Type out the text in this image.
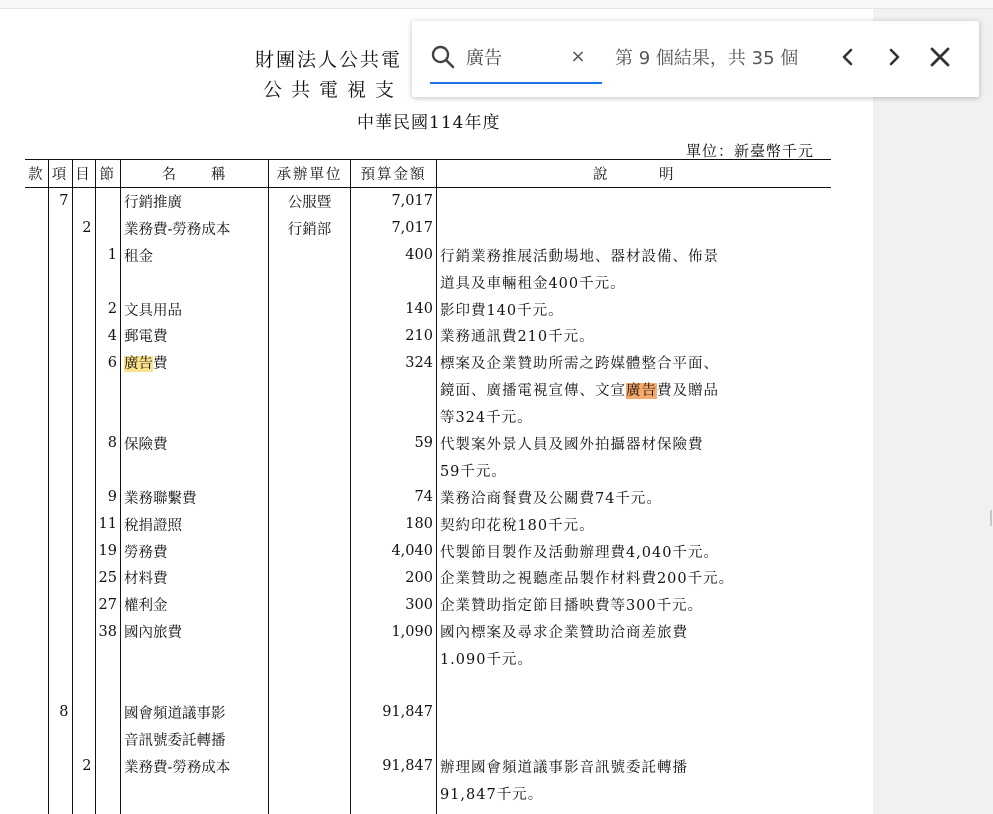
財團法人公共電
公共電視支
中華民國114年度
單位：新臺幣千元
款	項	目	節	名　　稱	承辦單位	預算金額	說　　　明
	7			行銷推廣	公服暨	7,017	
		2		業務費-勞務成本	行銷部	7,017	
			1	租金		400	行銷業務推展活動場地、器材設備、佈景
							道具及車輛租金400千元。
			2	文具用品		140	影印費140千元。
			4	郵電費		210	業務通訊費210千元。
			6	廣告費		324	標案及企業贊助所需之跨媒體整合平面、
							鏡面、廣播電視宣傳、文宣廣告費及贈品
							等324千元。
			8	保險費		59	代製案外景人員及國外拍攝器材保險費
							59千元。
			9	業務聯繫費		74	業務洽商餐費及公關費74千元。
			11	稅捐證照		180	契約印花稅180千元。
			19	勞務費		4,040	代製節目製作及活動辦理費4,040千元。
			25	材料費		200	企業贊助之視聽產品製作材料費200千元。
			27	權利金		300	企業贊助指定節目播映費等300千元。
			38	國內旅費		1,090	國內標案及尋求企業贊助洽商差旅費
							1.090千元。

	8			國會頻道議事影		91,847	
				音訊號委託轉播			
		2		業務費-勞務成本		91,847	辦理國會頻道議事影音訊號委託轉播
							91,847千元。

廣告
× 第 9 個結果，共 35 個
